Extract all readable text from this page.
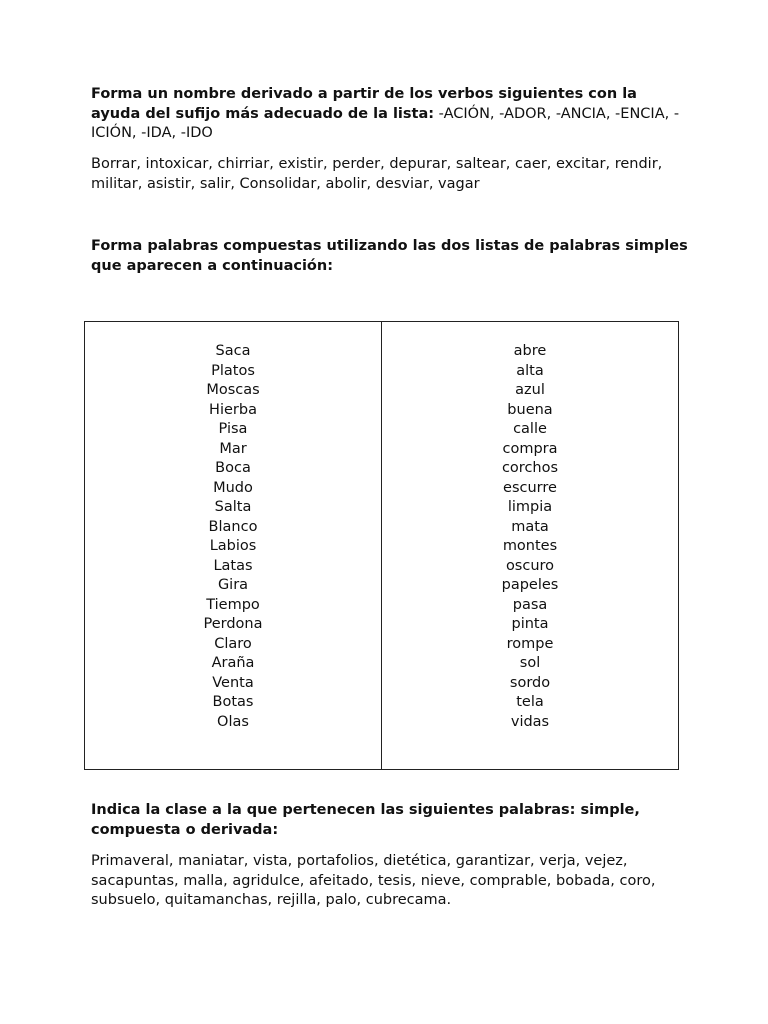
Forma un nombre derivado a partir de los verbos siguientes con la ayuda del sufijo más adecuado de la lista: -ACIÓN, -ADOR, -ANCIA, -ENCIA, -ICIÓN, -IDA, -IDO
Borrar, intoxicar, chirriar, existir, perder, depurar, saltear, caer, excitar, rendir, militar, asistir, salir, Consolidar, abolir, desviar, vagar
Forma palabras compuestas utilizando las dos listas de palabras simples que aparecen a continuación:
Saca
Platos
Moscas
Hierba
Pisa
Mar
Boca
Mudo
Salta
Blanco
Labios
Latas
Gira
Tiempo
Perdona
Claro
Araña
Venta
Botas
Olas
abre
alta
azul
buena
calle
compra
corchos
escurre
limpia
mata
montes
oscuro
papeles
pasa
pinta
rompe
sol
sordo
tela
vidas
Indica la clase a la que pertenecen las siguientes palabras: simple, compuesta o derivada:
Primaveral, maniatar, vista, portafolios, dietética, garantizar, verja, vejez, sacapuntas, malla, agridulce, afeitado, tesis, nieve, comprable, bobada, coro, subsuelo, quitamanchas, rejilla, palo, cubrecama.
